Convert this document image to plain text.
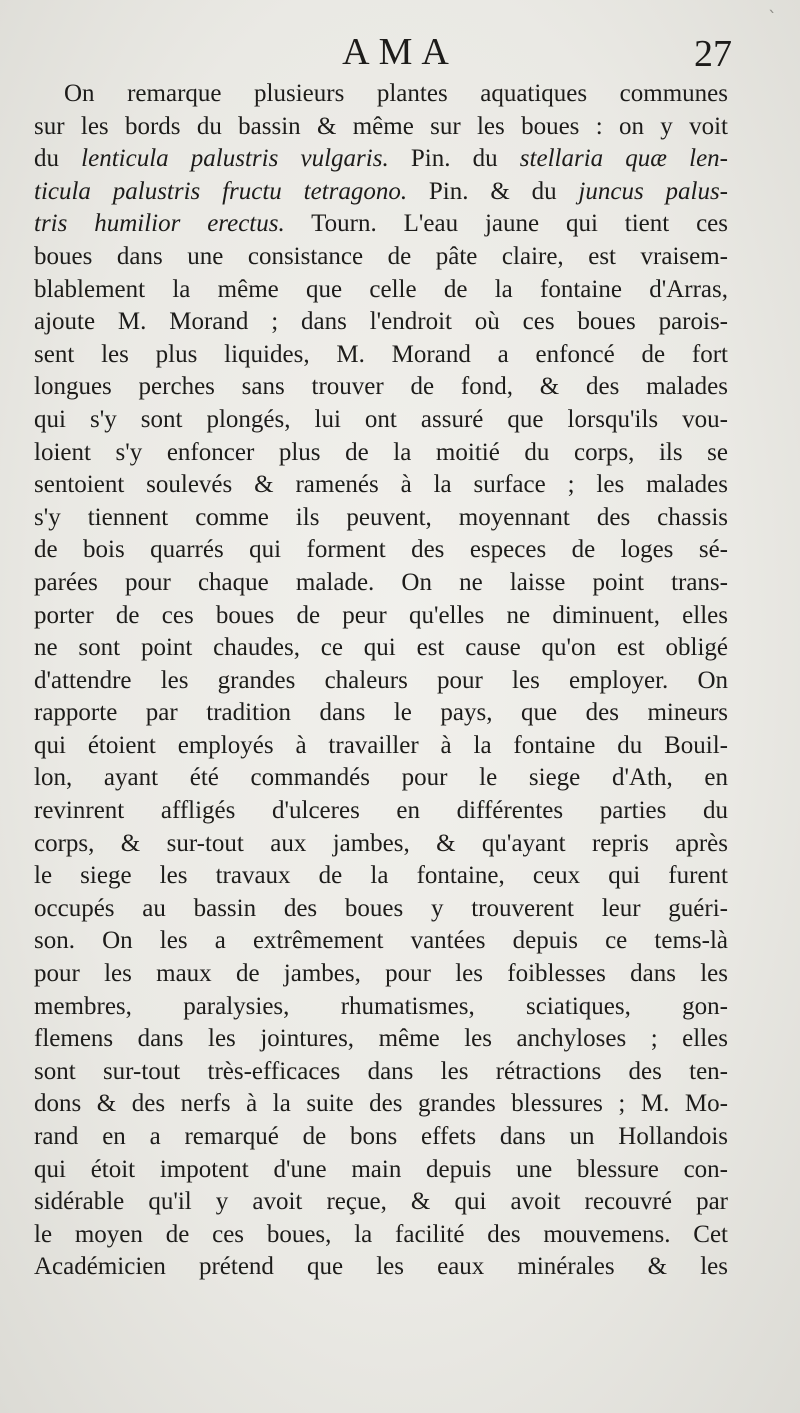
AMA	27
`
On remarque plusieurs plantes aquatiques communes
sur les bords du bassin & même sur les boues : on y voit
du lenticula palustris vulgaris. Pin. du stellaria quæ len-
ticula palustris fructu tetragono. Pin. & du juncus palus-
tris humilior erectus. Tourn. L'eau jaune qui tient ces
boues dans une consistance de pâte claire, est vraisem-
blablement la même que celle de la fontaine d'Arras,
ajoute M. Morand ; dans l'endroit où ces boues parois-
sent les plus liquides, M. Morand a enfoncé de fort
longues perches sans trouver de fond, & des malades
qui s'y sont plongés, lui ont assuré que lorsqu'ils vou-
loient s'y enfoncer plus de la moitié du corps, ils se
sentoient soulevés & ramenés à la surface ; les malades
s'y tiennent comme ils peuvent, moyennant des chassis
de bois quarrés qui forment des especes de loges sé-
parées pour chaque malade. On ne laisse point trans-
porter de ces boues de peur qu'elles ne diminuent, elles
ne sont point chaudes, ce qui est cause qu'on est obligé
d'attendre les grandes chaleurs pour les employer. On
rapporte par tradition dans le pays, que des mineurs
qui étoient employés à travailler à la fontaine du Bouil-
lon, ayant été commandés pour le siege d'Ath, en
revinrent affligés d'ulceres en différentes parties du
corps, & sur-tout aux jambes, & qu'ayant repris après
le siege les travaux de la fontaine, ceux qui furent
occupés au bassin des boues y trouverent leur guéri-
son. On les a extrêmement vantées depuis ce tems-là
pour les maux de jambes, pour les foiblesses dans les
membres, paralysies, rhumatismes, sciatiques, gon-
flemens dans les jointures, même les anchyloses ; elles
sont sur-tout très-efficaces dans les rétractions des ten-
dons & des nerfs à la suite des grandes blessures ; M. Mo-
rand en a remarqué de bons effets dans un Hollandois
qui étoit impotent d'une main depuis une blessure con-
sidérable qu'il y avoit reçue, & qui avoit recouvré par
le moyen de ces boues, la facilité des mouvemens. Cet
Académicien prétend que les eaux minérales & les
